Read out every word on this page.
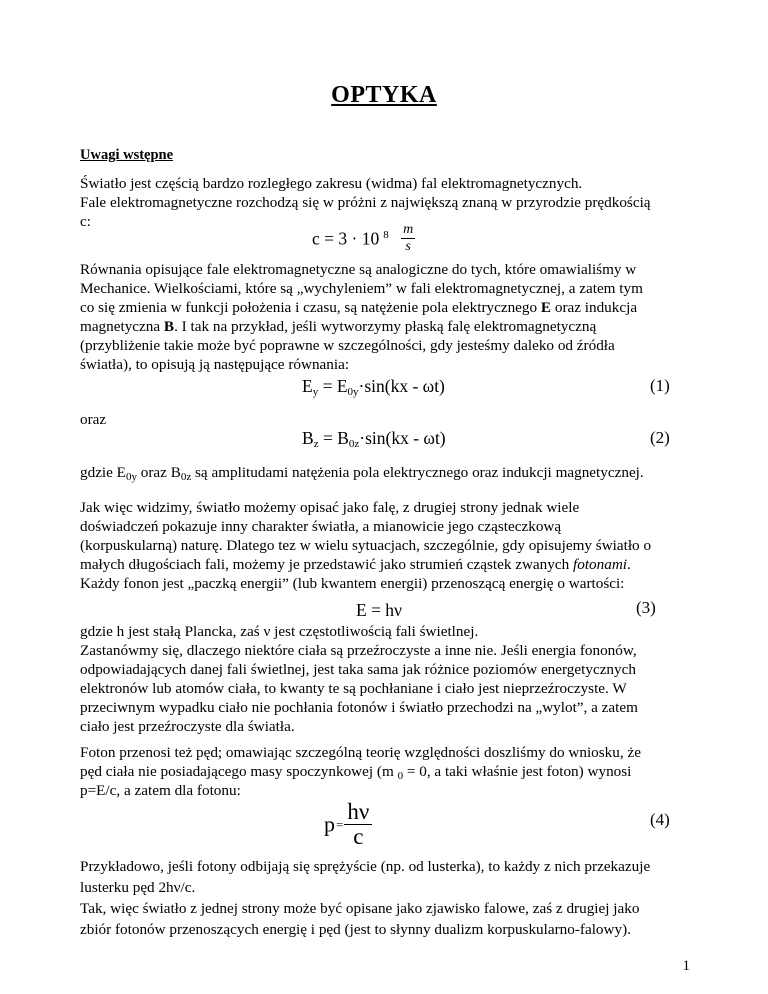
OPTYKA
Uwagi wstępne
Światło jest częścią bardzo rozległego zakresu (widma) fal elektromagnetycznych.
Fale elektromagnetyczne rozchodzą się w próżni z największą znaną w przyrodzie prędkością
c:
c = 3 · 10 $^8 \frac{m}{s}$
Równania opisujące fale elektromagnetyczne są analogiczne do tych, które omawialiśmy w
Mechanice. Wielkościami, które są „wychyleniem” w fali elektromagnetycznej, a zatem tym
co się zmienia w funkcji położenia i czasu, są natężenie pola elektrycznego E oraz indukcja
magnetyczna B. I tak na przykład, jeśli wytworzymy płaską falę elektromagnetyczną
(przybliżenie takie może być poprawne w szczególności, gdy jesteśmy daleko od źródła
światła), to opisują ją następujące równania:
$E_y = E_{0y}\cdot\sin(kx - \omega t)$	(1)
oraz
$B_z = B_{0z}\cdot\sin(kx - \omega t)$	(2)
gdzie $E_{0y}$ oraz $B_{0z}$ są amplitudami natężenia pola elektrycznego oraz indukcji magnetycznej.
Jak więc widzimy, światło możemy opisać jako falę, z drugiej strony jednak wiele
doświadczeń pokazuje inny charakter światła, a mianowicie jego cząsteczkową
(korpuskularną) naturę. Dlatego tez w wielu sytuacjach, szczególnie, gdy opisujemy światło o
małych długościach fali, możemy je przedstawić jako strumień cząstek zwanych fotonami.
Każdy fonon jest „paczką energii” (lub kwantem energii) przenoszącą energię o wartości:
E = hν	(3)
gdzie h jest stałą Plancka, zaś ν jest częstotliwością fali świetlnej.
Zastanówmy się, dlaczego niektóre ciała są przeźroczyste a inne nie. Jeśli energia fononów,
odpowiadających danej fali świetlnej, jest taka sama jak różnice poziomów energetycznych
elektronów lub atomów ciała, to kwanty te są pochłaniane i ciało jest nieprzeźroczyste. W
przeciwnym wypadku ciało nie pochłania fotonów i światło przechodzi na „wylot”, a zatem
ciało jest przeźroczyste dla światła.
Foton przenosi też pęd; omawiając szczególną teorię względności doszliśmy do wniosku, że
pęd ciała nie posiadającego masy spoczynkowej (m $_0$ = 0, a taki właśnie jest foton) wynosi
p=E/c, a zatem dla fotonu:
$p= \frac{h\nu}{c}$	(4)
Przykładowo, jeśli fotony odbijają się sprężyście (np. od lusterka), to każdy z nich przekazuje
lusterku pęd 2hν/c.
Tak, więc światło z jednej strony może być opisane jako zjawisko falowe, zaś z drugiej jako
zbiór fotonów przenoszących energię i pęd (jest to słynny dualizm korpuskularno-falowy).
1
